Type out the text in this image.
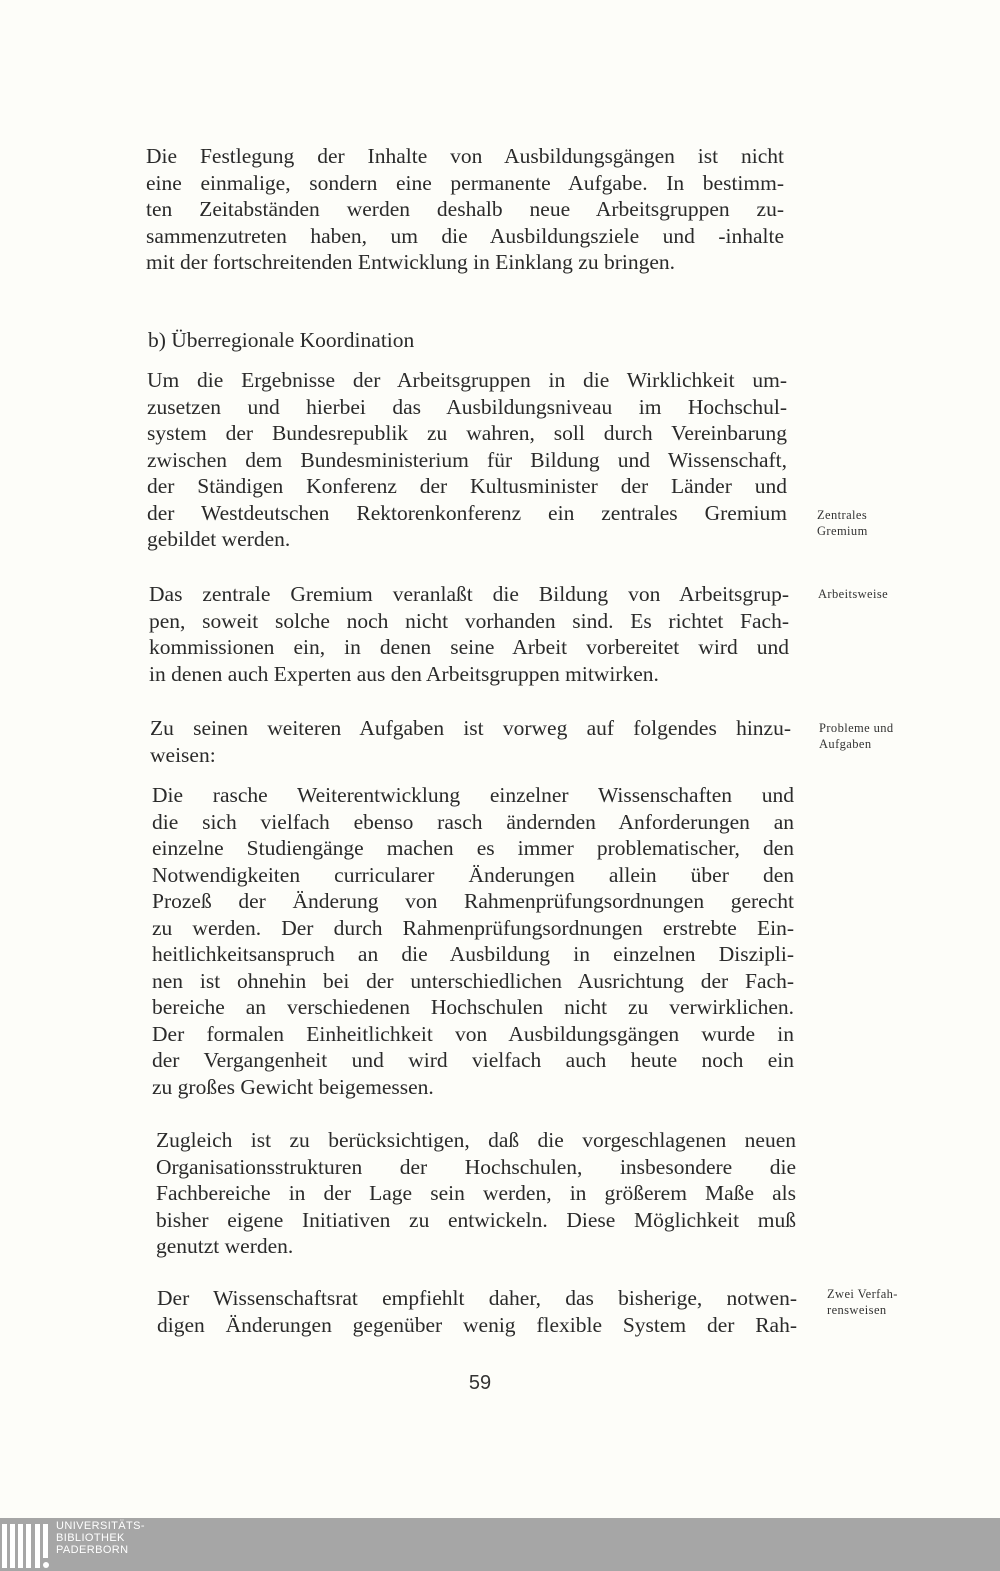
Die Festlegung der Inhalte von Ausbildungsgängen ist nicht
eine einmalige, sondern eine permanente Aufgabe. In bestimm-
ten Zeitabständen werden deshalb neue Arbeitsgruppen zu-
sammenzutreten haben, um die Ausbildungsziele und -inhalte
mit der fortschreitenden Entwicklung in Einklang zu bringen.

b) Überregionale Koordination

Um die Ergebnisse der Arbeitsgruppen in die Wirklichkeit um-
zusetzen und hierbei das Ausbildungsniveau im Hochschul-
system der Bundesrepublik zu wahren, soll durch Vereinbarung
zwischen dem Bundesministerium für Bildung und Wissenschaft,
der Ständigen Konferenz der Kultusminister der Länder und
der Westdeutschen Rektorenkonferenz ein zentrales Gremium
gebildet werden.
Das zentrale Gremium veranlaßt die Bildung von Arbeitsgrup-
pen, soweit solche noch nicht vorhanden sind. Es richtet Fach-
kommissionen ein, in denen seine Arbeit vorbereitet wird und
in denen auch Experten aus den Arbeitsgruppen mitwirken.
Zu seinen weiteren Aufgaben ist vorweg auf folgendes hinzu-
weisen:
Die rasche Weiterentwicklung einzelner Wissenschaften und
die sich vielfach ebenso rasch ändernden Anforderungen an
einzelne Studiengänge machen es immer problematischer, den
Notwendigkeiten curricularer Änderungen allein über den
Prozeß der Änderung von Rahmenprüfungsordnungen gerecht
zu werden. Der durch Rahmenprüfungsordnungen erstrebte Ein-
heitlichkeitsanspruch an die Ausbildung in einzelnen Diszipli-
nen ist ohnehin bei der unterschiedlichen Ausrichtung der Fach-
bereiche an verschiedenen Hochschulen nicht zu verwirklichen.
Der formalen Einheitlichkeit von Ausbildungsgängen wurde in
der Vergangenheit und wird vielfach auch heute noch ein
zu großes Gewicht beigemessen.
Zugleich ist zu berücksichtigen, daß die vorgeschlagenen neuen
Organisationsstrukturen der Hochschulen, insbesondere die
Fachbereiche in der Lage sein werden, in größerem Maße als
bisher eigene Initiativen zu entwickeln. Diese Möglichkeit muß
genutzt werden.
Der Wissenschaftsrat empfiehlt daher, das bisherige, notwen-
digen Änderungen gegenüber wenig flexible System der Rah-
Zentrales
Gremium
Arbeitsweise
Probleme und
Aufgaben
Zwei Verfah-
rensweisen
59
UNIVERSITÄTS-
BIBLIOTHEK
PADERBORN
